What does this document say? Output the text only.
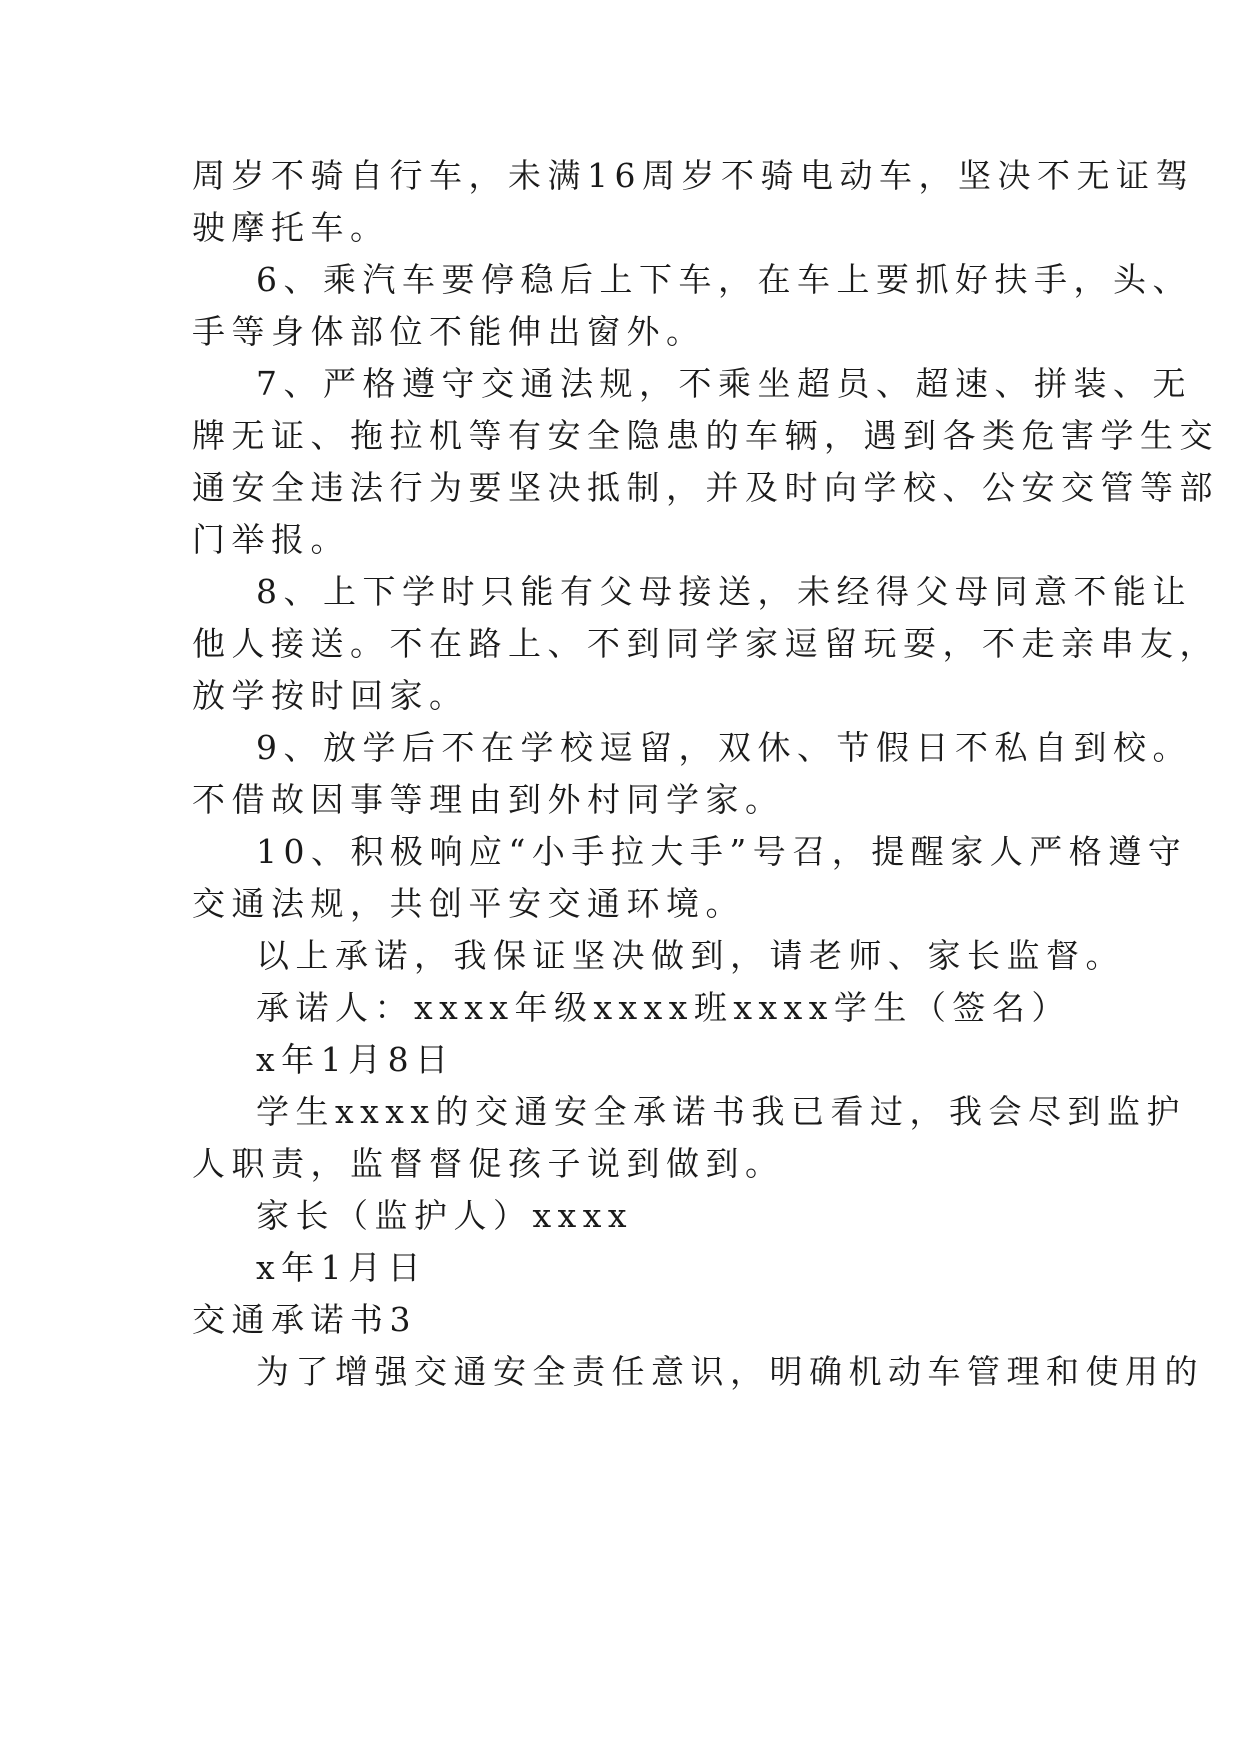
周岁不骑自行车，未满16周岁不骑电动车，坚决不无证驾
驶摩托车。
6、乘汽车要停稳后上下车，在车上要抓好扶手，头、
手等身体部位不能伸出窗外。
7、严格遵守交通法规，不乘坐超员、超速、拼装、无
牌无证、拖拉机等有安全隐患的车辆，遇到各类危害学生交
通安全违法行为要坚决抵制，并及时向学校、公安交管等部
门举报。
8、上下学时只能有父母接送，未经得父母同意不能让
他人接送。不在路上、不到同学家逗留玩耍，不走亲串友，
放学按时回家。
9、放学后不在学校逗留，双休、节假日不私自到校。
不借故因事等理由到外村同学家。
10、积极响应“小手拉大手”号召，提醒家人严格遵守
交通法规，共创平安交通环境。
以上承诺，我保证坚决做到，请老师、家长监督。
承诺人：xxxx年级xxxx班xxxx学生（签名）
x年1月8日
学生xxxx的交通安全承诺书我已看过，我会尽到监护
人职责，监督督促孩子说到做到。
家长（监护人）xxxx
x年1月日
交通承诺书3
为了增强交通安全责任意识，明确机动车管理和使用的
